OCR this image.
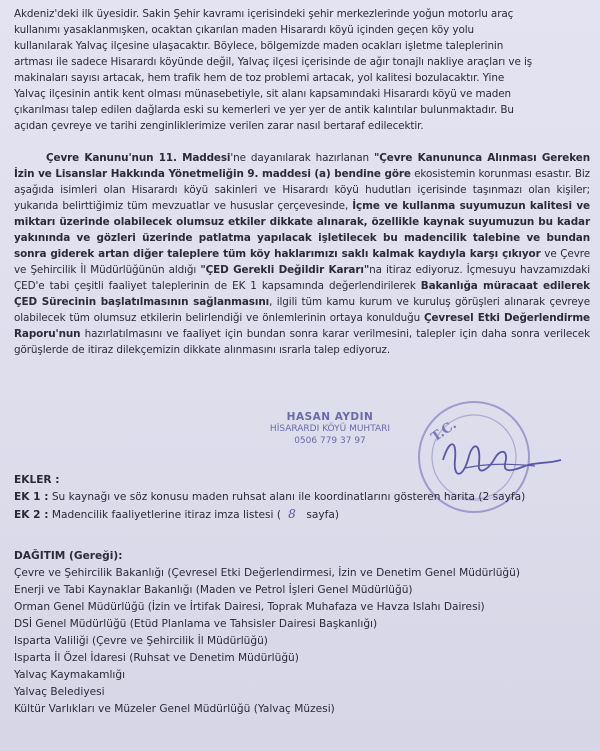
Akdeniz'deki ilk üyesidir. Sakin Şehir kavramı içerisindeki şehir merkezlerinde yoğun motorlu araç

kullanımı yasaklanmışken, ocaktan çıkarılan maden Hisarardı köyü içinden geçen köy yolu

kullanılarak Yalvaç ilçesine ulaşacaktır. Böylece, bölgemizde maden ocakları işletme taleplerinin

artması ile sadece Hisarardı köyünde değil, Yalvaç ilçesi içerisinde de ağır tonajlı nakliye araçları ve iş

makinaları sayısı artacak, hem trafik hem de toz problemi artacak, yol kalitesi bozulacaktır. Yine

Yalvaç ilçesinin antik kent olması münasebetiyle, sit alanı kapsamındaki Hisarardı köyü ve maden

çıkarılması talep edilen dağlarda eski su kemerleri ve yer yer de antik kalıntılar bulunmaktadır. Bu

açıdan çevreye ve tarihi zenginliklerimize verilen zarar nasıl bertaraf edilecektir.

Çevre Kanunu'nun 11. Maddesi'ne dayanılarak hazırlanan "Çevre Kanununca Alınması Gereken İzin ve Lisanslar Hakkında Yönetmeliğin 9. maddesi (a) bendine göre ekosistemin korunması esastır. Biz aşağıda isimleri olan Hisarardı köyü sakinleri ve Hisarardı köyü hudutları içerisinde taşınmazı olan kişiler; yukarıda belirttiğimiz tüm mevzuatlar ve hususlar çerçevesinde, İçme ve kullanma suyumuzun kalitesi ve miktarı üzerinde olabilecek olumsuz etkiler dikkate alınarak, özellikle kaynak suyumuzun bu kadar yakınında ve gözleri üzerinde patlatma yapılacak işletilecek bu madencilik talebine ve bundan sonra giderek artan diğer taleplere tüm köy haklarımızı saklı kalmak kaydıyla karşı çıkıyor ve Çevre ve Şehircilik İl Müdürlüğünün aldığı "ÇED Gerekli Değildir Kararı"na itiraz ediyoruz. İçmesuyu havzamızdaki ÇED'e tabi çeşitli faaliyet taleplerinin de EK 1 kapsamında değerlendirilerek Bakanlığa müracaat edilerek ÇED Sürecinin başlatılmasının sağlanmasını, ilgili tüm kamu kurum ve kuruluş görüşleri alınarak çevreye olabilecek tüm olumsuz etkilerin belirlendiği ve önlemlerinin ortaya konulduğu Çevresel Etki Değerlendirme Raporu'nun hazırlatılmasını ve faaliyet için bundan sonra karar verilmesini, talepler için daha sonra verilecek görüşlerde de itiraz dilekçemizin dikkate alınmasını ısrarla talep ediyoruz.

HASAN AYDIN
HİSARARDI KÖYÜ MUHTARI
0506 779 37 97	T.C.
EKLER :
EK 1 : Su kaynağı ve söz konusu maden ruhsat alanı ile koordinatlarını gösteren harita (2 sayfa)
EK 2 : Madencilik faaliyetlerine itiraz imza listesi ( 8 sayfa)
DAĞITIM (Gereği):
Çevre ve Şehircilik Bakanlığı (Çevresel Etki Değerlendirmesi, İzin ve Denetim Genel Müdürlüğü)
Enerji ve Tabi Kaynaklar Bakanlığı (Maden ve Petrol İşleri Genel Müdürlüğü)
Orman Genel Müdürlüğü (İzin ve İrtifak Dairesi, Toprak Muhafaza ve Havza Islahı Dairesi)
DSİ Genel Müdürlüğü (Etüd Planlama ve Tahsisler Dairesi Başkanlığı)
Isparta Valiliği (Çevre ve Şehircilik İl Müdürlüğü)
Isparta İl Özel İdaresi (Ruhsat ve Denetim Müdürlüğü)
Yalvaç Kaymakamlığı
Yalvaç Belediyesi
Kültür Varlıkları ve Müzeler Genel Müdürlüğü (Yalvaç Müzesi)
